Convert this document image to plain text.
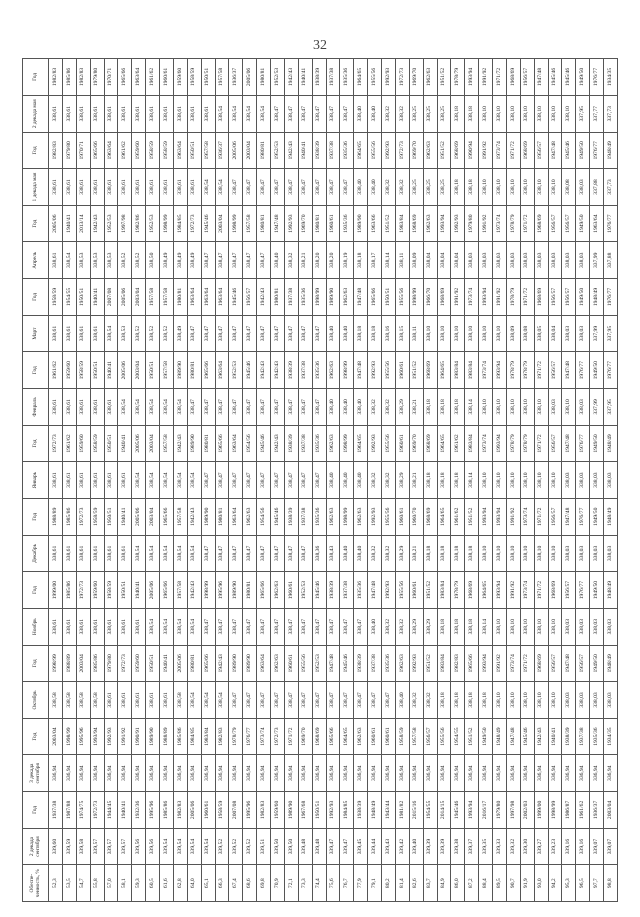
32
Обеспе-ченность, %	2 декада сентября	Год	3 декада сентября	Год	Октябрь	Год	Ноябрь	Год	Декабрь	Год	Январь	Год	Февраль	Год	Март	Год	Апрель	Год	1 декада мая	Год	2 декада мая	Год
52,3	339,60	1937/38	336,94	2003/04	338,58	1998/99	338,61	1999/00	338,61	1988/89	338,61	1972/73	338,61	1961/62	338,61	1958/59	338,61	2005/06	338,61	1982/83	338,61	1982/83
53,5	339,59	1987/88	336,94	1998/99	338,58	1988/89	338,61	1985/86	338,61	1985/86	338,61	1961/62	338,61	1959/60	338,61	1954/55	338,54	1940/41	338,61	1979/80	338,61	1985/86
54,7	339,58	1974/75	336,94	1995/96	338,58	2003/04	338,61	1972/73	338,61	1972/73	338,61	1959/60	338,61	1958/59	338,61	1950/51	338,53	2013/14	338,61	1970/71	338,61	1982/83
55,8	339,57	1972/73	336,94	1993/94	338,58	1985/86	338,61	1959/60	338,61	1958/59	338,61	1958/59	338,61	1950/51	338,61	1940/41	338,53	1942/43	338,61	1965/66	338,61	1979/80
57,0	339,57	1944/45	336,94	1992/93	338,61	1979/80	338,61	1958/59	338,61	1950/51	338,61	1950/51	338,61	1940/41	338,54	2007/08	338,53	1952/53	338,61	1963/64	338,61	1970/71
58,1	339,57	1940/41	336,94	1991/92	338,61	1972/73	338,61	1950/51	338,61	1940/41	338,61	1940/41	338,54	2005/06	338,53	2005/06	338,52	1997/98	338,61	1961/62	338,61	1965/66
59,3	339,56	1932/36	336,94	1990/91	338,61	1959/60	338,61	1940/41	338,54	2005/06	338,54	2005/06	338,54	2003/04	338,52	2003/04	338,52	1982/86	338,61	1959/60	338,61	1963/64
60,5	339,56	1995/96	336,94	1989/90	338,61	1950/51	338,54	2005/06	338,54	2003/04	338,54	2003/04	338,54	1950/51	338,52	1957/58	338,50	1952/53	338,61	1958/59	338,61	1961/62
61,6	339,54	1985/86	336,94	1988/89	338,61	1940/41	338,54	1965/66	338,54	1965/66	338,54	1957/58	338,54	1957/58	338,52	1957/58	338,49	1998/99	338,61	1958/59	338,61	1960/61
62,8	339,54	1982/83	336,94	1985/86	338,58	2005/06	338,54	1957/58	338,54	1957/58	338,54	1942/43	338,54	1989/90	338,49	1980/81	338,49	1984/85	338,61	1963/64	338,61	1959/60
64,0	339,54	2005/06	336,94	1984/85	338,54	1980/81	338,54	1942/43	338,54	1942/43	338,54	1989/90	338,47	1980/81	338,47	1963/64	338,49	1972/73	338,61	1950/51	338,61	1958/59
65,1	339,54	1960/61	336,94	1983/84	338,54	1965/66	338,47	1998/99	338,47	1989/90	338,47	1980/81	338,47	1965/66	338,47	1963/64	338,47	1945/46	338,54	1957/58	338,61	1950/51
66,3	339,52	1958/59	336,94	1982/83	338,54	1942/43	338,47	1995/96	338,47	1980/81	338,47	1965/66	338,47	1963/64	338,47	1963/64	338,47	2003/04	338,54	1936/37	338,54	1957/58
67,4	339,52	2007/08	336,94	1978/79	338,47	1989/90	338,47	1989/90	338,47	1963/64	338,47	1963/64	338,47	1952/53	338,47	1945/46	338,47	1998/99	338,47	2005/06	338,54	1936/37
68,6	339,52	1995/96	336,94	1976/77	338,47	1989/90	338,47	1980/81	338,47	1962/63	338,47	1954/56	338,47	1945/46	338,47	1956/57	338,47	1957/58	338,47	2003/04	338,54	2005/06
69,8	339,51	1982/83	336,94	1973/74	338,47	1963/64	338,47	1965/66	338,47	1954/56	338,47	1945/46	338,47	1942/43	338,47	1942/43	338,47	1980/81	338,47	1980/81	338,54	1980/81
70,9	339,50	1959/60	336,94	1972/73	338,47	1962/63	338,47	1962/63	338,47	1945/46	338,47	1942/43	338,47	1942/43	338,47	1980/81	338,40	1947/48	338,47	1952/53	338,47	1952/53
72,1	339,50	1989/90	336,94	1971/72	338,47	1960/61	338,47	1960/61	338,47	1938/39	338,47	1938/39	338,47	1938/39	338,47	1937/38	338,32	1992/93	338,47	1942/43	338,47	1942/43
73,3	339,48	1967/68	336,94	1969/70	338,47	1955/56	338,47	1952/53	338,47	1937/38	338,47	1937/38	338,47	1937/38	338,47	1935/36	338,21	1969/70	338,47	1940/41	338,47	1940/41
74,4	339,48	1950/51	336,94	1968/69	338,47	1952/53	338,47	1945/46	338,36	1935/36	338,47	1935/36	338,47	1935/36	338,47	1998/99	338,20	1980/81	338,47	1938/39	338,47	1938/39
75,6	339,47	1992/93	336,94	1965/66	338,47	1947/48	338,47	1938/39	338,43	1962/63	338,40	1962/63	338,40	1962/63	338,40	1989/90	338,20	1960/61	338,47	1937/38	338,47	1937/38
76,7	339,47	1984/85	336,94	1964/65	338,47	1945/46	338,47	1937/38	338,40	1998/99	338,40	1998/99	338,40	1998/99	338,40	1962/63	338,19	1935/36	338,47	1935/36	338,47	1935/36
77,9	339,45	1938/39	336,94	1962/63	338,47	1938/39	338,47	1935/36	338,40	1962/63	338,40	1964/65	338,40	1947/48	338,18	1947/48	338,18	1989/90	338,40	1964/65	338,40	1964/65
79,1	339,44	1948/49	336,94	1960/61	338,47	1937/38	338,40	1947/48	338,32	1992/93	338,32	1992/93	338,32	1992/93	338,18	1965/66	338,17	1963/66	338,40	1955/56	338,40	1955/56
80,2	339,43	1943/44	336,94	1960/61	338,47	1935/36	338,32	1992/93	338,32	1955/56	338,32	1955/56	338,32	1955/56	338,16	1950/51	338,14	1951/52	338,32	1992/93	338,32	1992/93
81,4	339,42	1981/82	336,94	1958/59	338,40	1962/63	338,32	1955/56	338,29	1960/61	338,29	1960/61	338,29	1960/61	338,15	1955/56	338,11	1983/84	338,32	1972/73	338,32	1972/73
82,6	339,40	2015/16	336,94	1957/58	338,32	1992/93	338,29	1960/61	338,21	1960/70	338,21	1969/70	338,21	1951/52	338,11	1998/99	338,09	1968/69	338,25	1969/70	338,25	1969/70
83,7	339,39	1954/55	336,94	1956/57	338,32	1951/52	338,29	1951/52	338,18	1968/69	338,18	1968/69	338,18	1968/69	338,10	1966/70	338,04	1962/63	338,25	1962/63	338,25	1962/63
84,9	339,39	2014/15	336,94	1955/56	338,18	1983/84	338,18	1983/84	338,18	1964/65	338,18	1964/65	338,18	1964/65	338,10	1968/69	338,04	1993/94	338,25	1951/52	338,25	1951/52
86,0	339,38	1945/46	336,94	1954/55	338,18	1982/83	338,18	1978/79	338,18	1961/62	338,18	1961/62	338,18	1983/84	338,10	1991/92	338,04	1992/93	338,18	1968/69	338,18	1978/79
87,2	339,37	1993/94	336,94	1951/52	338,18	1965/66	338,18	1968/69	338,18	1951/52	338,14	1983/84	338,14	1983/84	338,10	1973/74	338,03	1979/80	338,18	1990/94	338,18	1993/94
88,4	339,35	2016/17	336,94	1949/50	338,18	1993/94	338,14	1964/65	338,10	1993/94	338,10	1973/74	338,10	1973/74	338,10	1993/94	338,03	1991/92	338,10	1991/92	338,10	1991/92
89,5	339,33	1979/80	336,94	1948/49	338,10	1991/92	338,10	1993/94	338,10	1993/94	338,10	1993/94	338,10	1993/94	338,10	1991/92	338,03	1973/74	338,10	1973/74	338,10	1971/72
90,7	339,32	1997/98	336,94	1947/48	338,10	1973/74	338,10	1991/92	338,10	1991/92	338,10	1978/79	338,10	1978/79	338,09	1978/79	338,03	1978/79	338,10	1971/72	338,10	1968/69
91,9	339,30	2002/03	336,94	1945/46	338,10	1971/72	338,10	1973/74	338,10	1973/74	338,10	1978/79	338,10	1978/79	338,08	1971/72	338,03	1971/72	338,10	1968/69	338,10	1956/57
93,0	339,27	1999/00	336,94	1942/43	338,10	1968/69	338,10	1971/72	338,10	1971/72	338,10	1971/72	338,10	1971/72	338,05	1968/69	338,03	1968/69	338,10	1956/57	338,10	1947/48
94,2	339,23	1998/99	336,94	1940/41	338,10	1956/57	338,10	1968/69	338,10	1956/57	338,10	1956/57	338,03	1956/57	338,04	1956/57	338,03	1956/57	338,10	1947/48	338,10	1945/46
95,3	339,16	1986/87	336,94	1938/39	338,03	1947/48	338,03	1956/57	338,03	1947/48	338,03	1947/48	338,10	1947/48	338,03	1956/57	338,03	1956/57	338,08	1945/46	338,10	1945/46
96,5	339,16	1961/62	336,94	1937/38	338,03	1956/57	338,03	1976/77	338,03	1976/77	338,03	1976/77	338,03	1976/77	338,03	1949/50	338,03	1949/50	338,03	1949/50	337,95	1949/50
97,7	339,07	1936/37	336,94	1935/36	338,03	1949/50	338,03	1949/50	338,03	1949/50	338,03	1949/50	337,99	1949/50	337,99	1948/49	337,99	1963/64	337,88	1976/77	337,77	1976/77
98,8	339,07	2003/04	336,94	1934/35	338,03	1948/49	338,03	1948/49	338,03	1948/49	338,03	1948/49	337,95	1976/77	337,95	1976/77	337,88	1976/77	337,73	1948/49	337,73	1934/35
